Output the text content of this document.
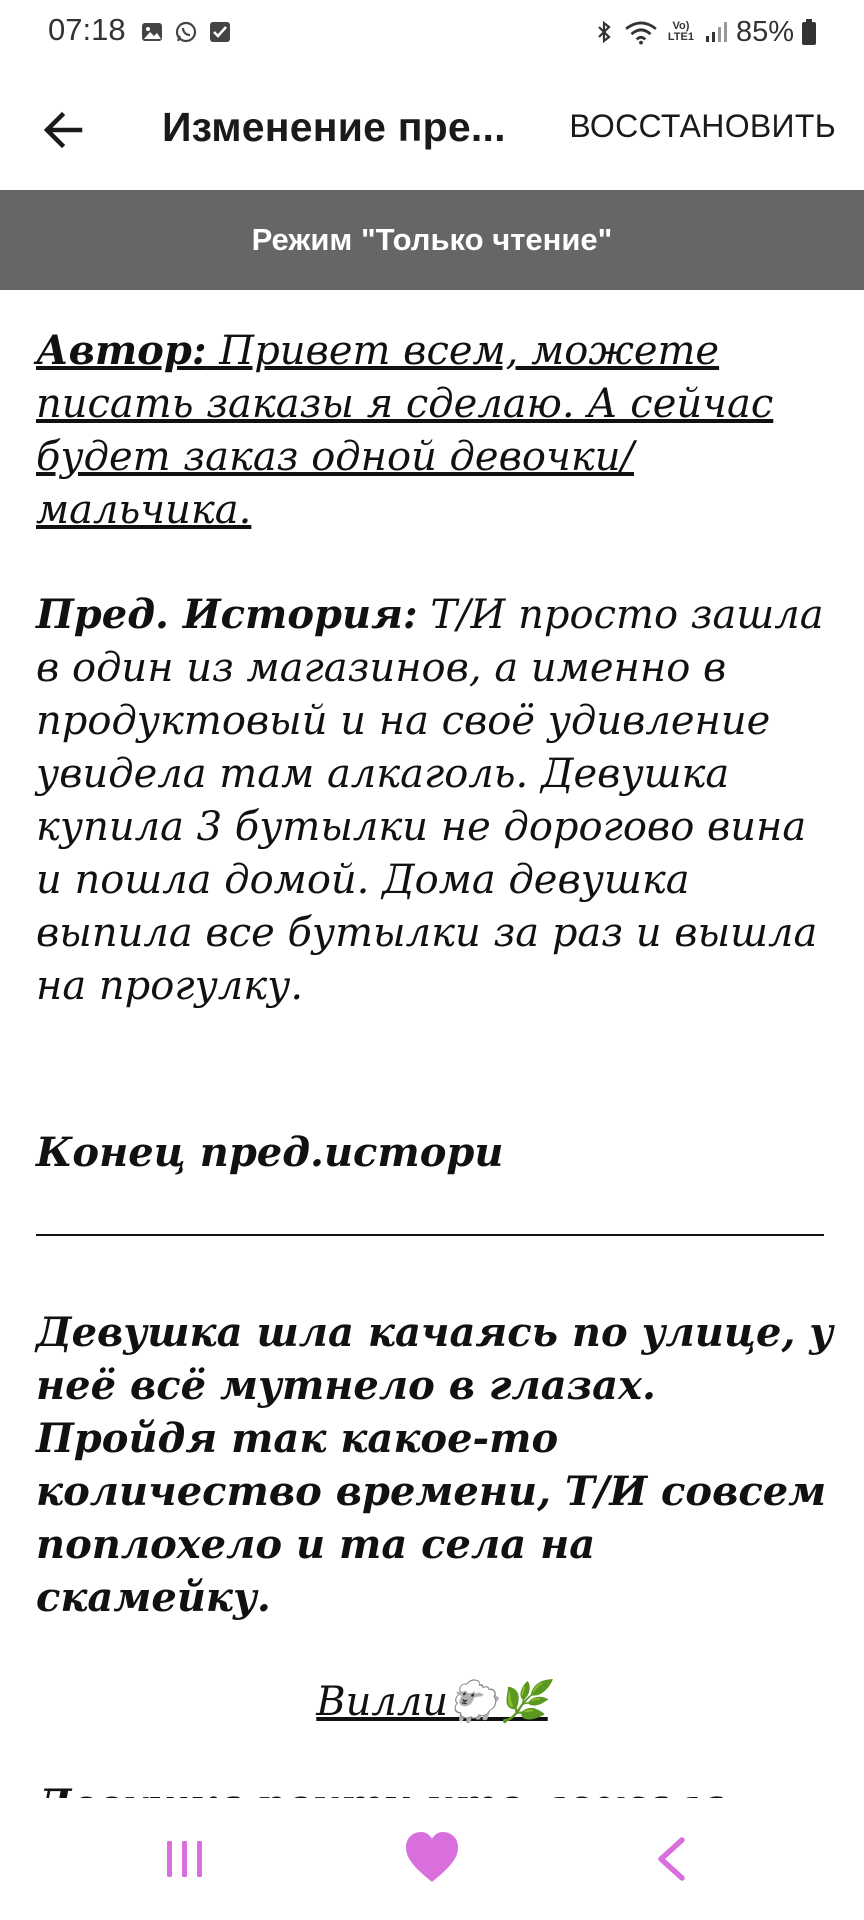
07:18	Vo)
LTE1 85%
Изменение пре...	ВОССТАНОВИТЬ
Режим "Только чтение"

Автор: Привет всем, можете писать заказы я сделаю. А сейчас будет заказ одной девочки/мальчика.

Пред. История: Т/И просто зашла в один из магазинов, а именно в продуктовый и на своё удивление увидела там алкаголь. Девушка купила 3 бутылки не дорогово вина и пошла домой. Дома девушка выпила все бутылки за раз и вышла на прогулку.

Конец пред.истори

Девушка шла качаясь по улице, у неё всё мутнело в глазах. Пройдя так какое-то количество времени, Т/И совсем поплохело и та села на скамейку.

Вилли🐑🌿
